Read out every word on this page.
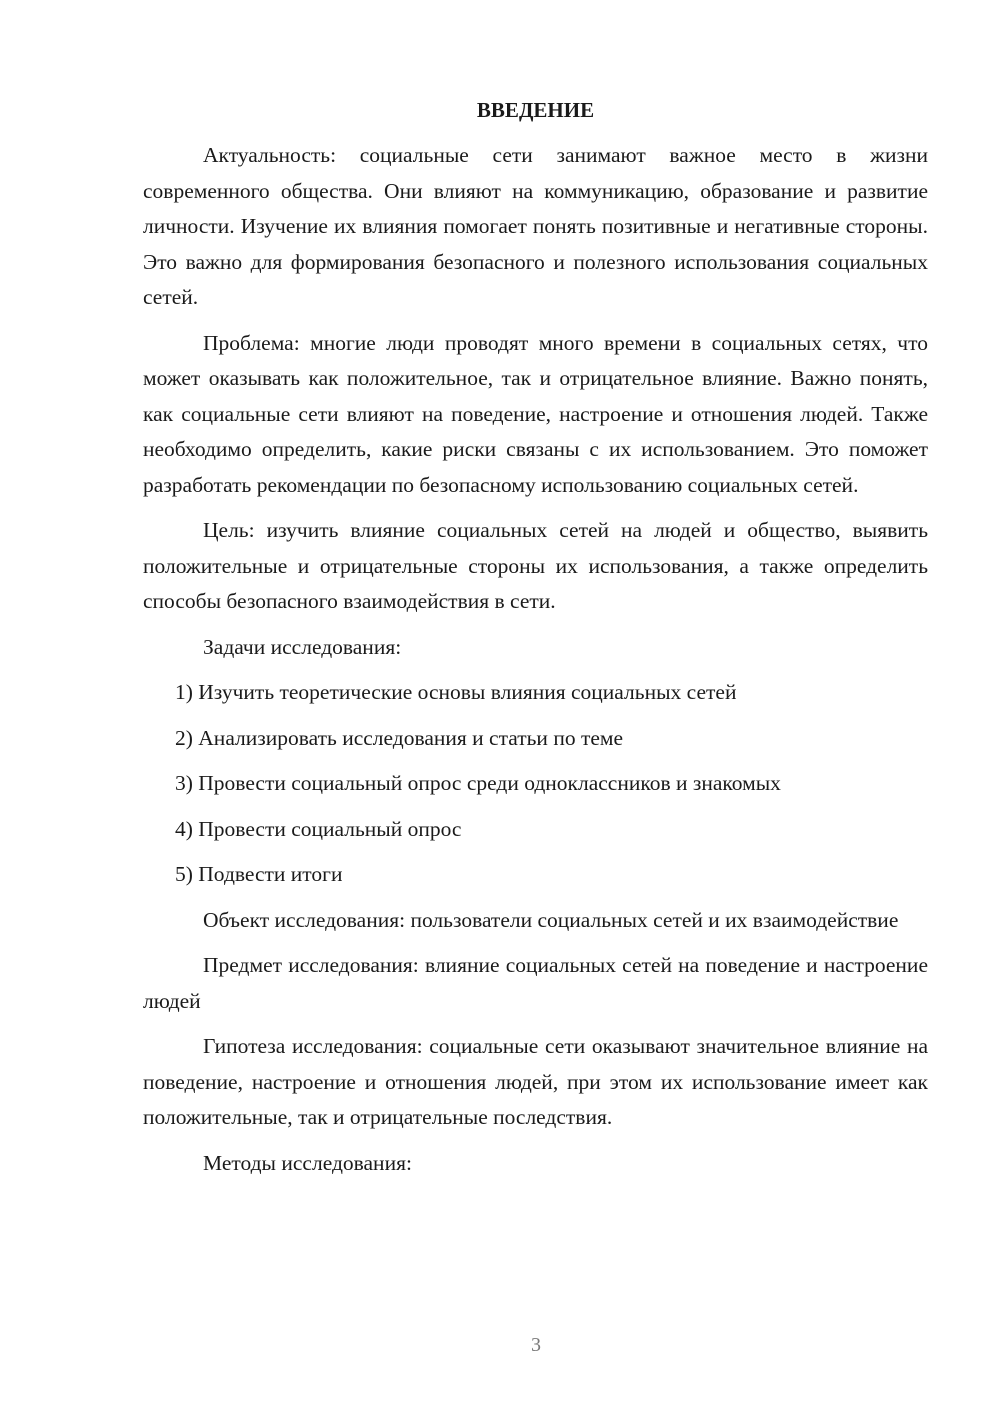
ВВЕДЕНИЕ

Актуальность: социальные сети занимают важное место в жизни современного общества. Они влияют на коммуникацию, образование и развитие личности. Изучение их влияния помогает понять позитивные и негативные стороны. Это важно для формирования безопасного и полезного использования социальных сетей.

Проблема: многие люди проводят много времени в социальных сетях, что может оказывать как положительное, так и отрицательное влияние. Важно понять, как социальные сети влияют на поведение, настроение и отношения людей. Также необходимо определить, какие риски связаны с их использованием. Это поможет разработать рекомендации по безопасному использованию социальных сетей.

Цель: изучить влияние социальных сетей на людей и общество, выявить положительные и отрицательные стороны их использования, а также определить способы безопасного взаимодействия в сети.

Задачи исследования:

1) Изучить теоретические основы влияния социальных сетей
2) Анализировать исследования и статьи по теме
3) Провести социальный опрос среди одноклассников и знакомых
4) Провести социальный опрос
5) Подвести итоги

Объект исследования: пользователи социальных сетей и их взаимодействие

Предмет исследования: влияние социальных сетей на поведение и настроение людей

Гипотеза исследования: социальные сети оказывают значительное влияние на поведение, настроение и отношения людей, при этом их использование имеет как положительные, так и отрицательные последствия.

Методы исследования:

3
